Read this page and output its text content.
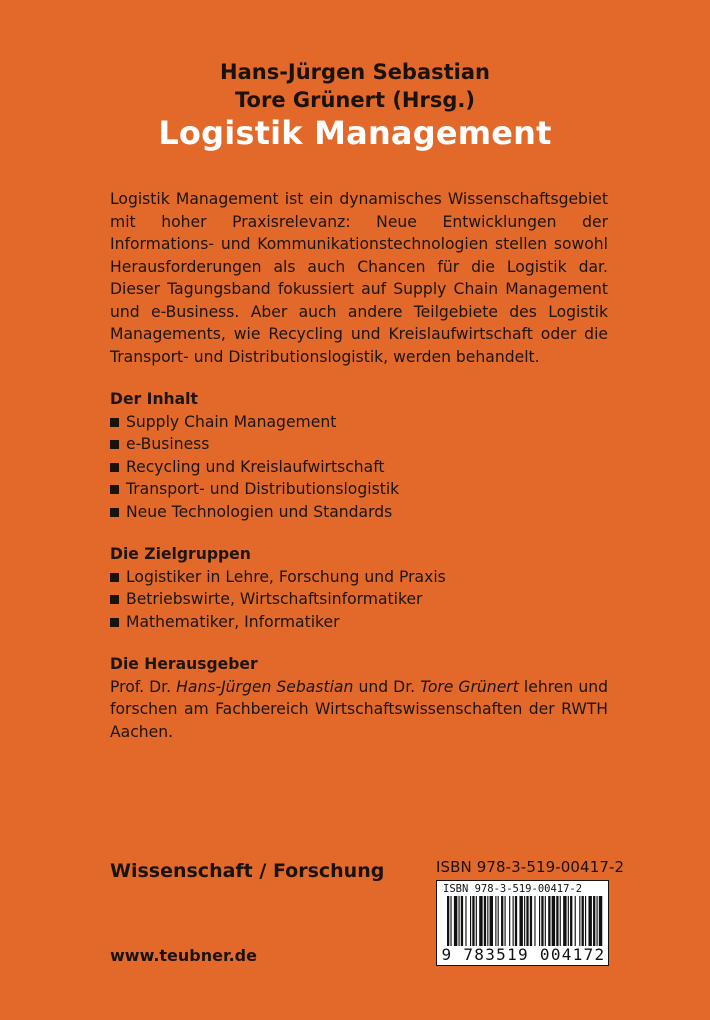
Hans-Jürgen Sebastian
Tore Grünert (Hrsg.)
Logistik Management

Logistik Management ist ein dynamisches Wissenschaftsgebiet mit hoher Praxisrelevanz: Neue Entwicklungen der Informations- und Kommunikationstechnologien stellen sowohl Herausforderungen als auch Chancen für die Logistik dar. Dieser Tagungsband fokussiert auf Supply Chain Management und e-Business. Aber auch andere Teilgebiete des Logistik Managements, wie Recycling und Kreislaufwirtschaft oder die Transport- und Distributionslogistik, werden behandelt.

Der Inhalt
Supply Chain Management
e-Business
Recycling und Kreislaufwirtschaft
Transport- und Distributionslogistik
Neue Technologien und Standards
Die Zielgruppen
Logistiker in Lehre, Forschung und Praxis
Betriebswirte, Wirtschaftsinformatiker
Mathematiker, Informatiker
Die Herausgeber

Prof. Dr. Hans-Jürgen Sebastian und Dr. Tore Grünert lehren und forschen am Fachbereich Wirtschaftswissenschaften der RWTH Aachen.

Wissenschaft / Forschung
www.teubner.de
ISBN 978-3-519-00417-2
ISBN 978-3-519-00417-2
9 783519 004172
